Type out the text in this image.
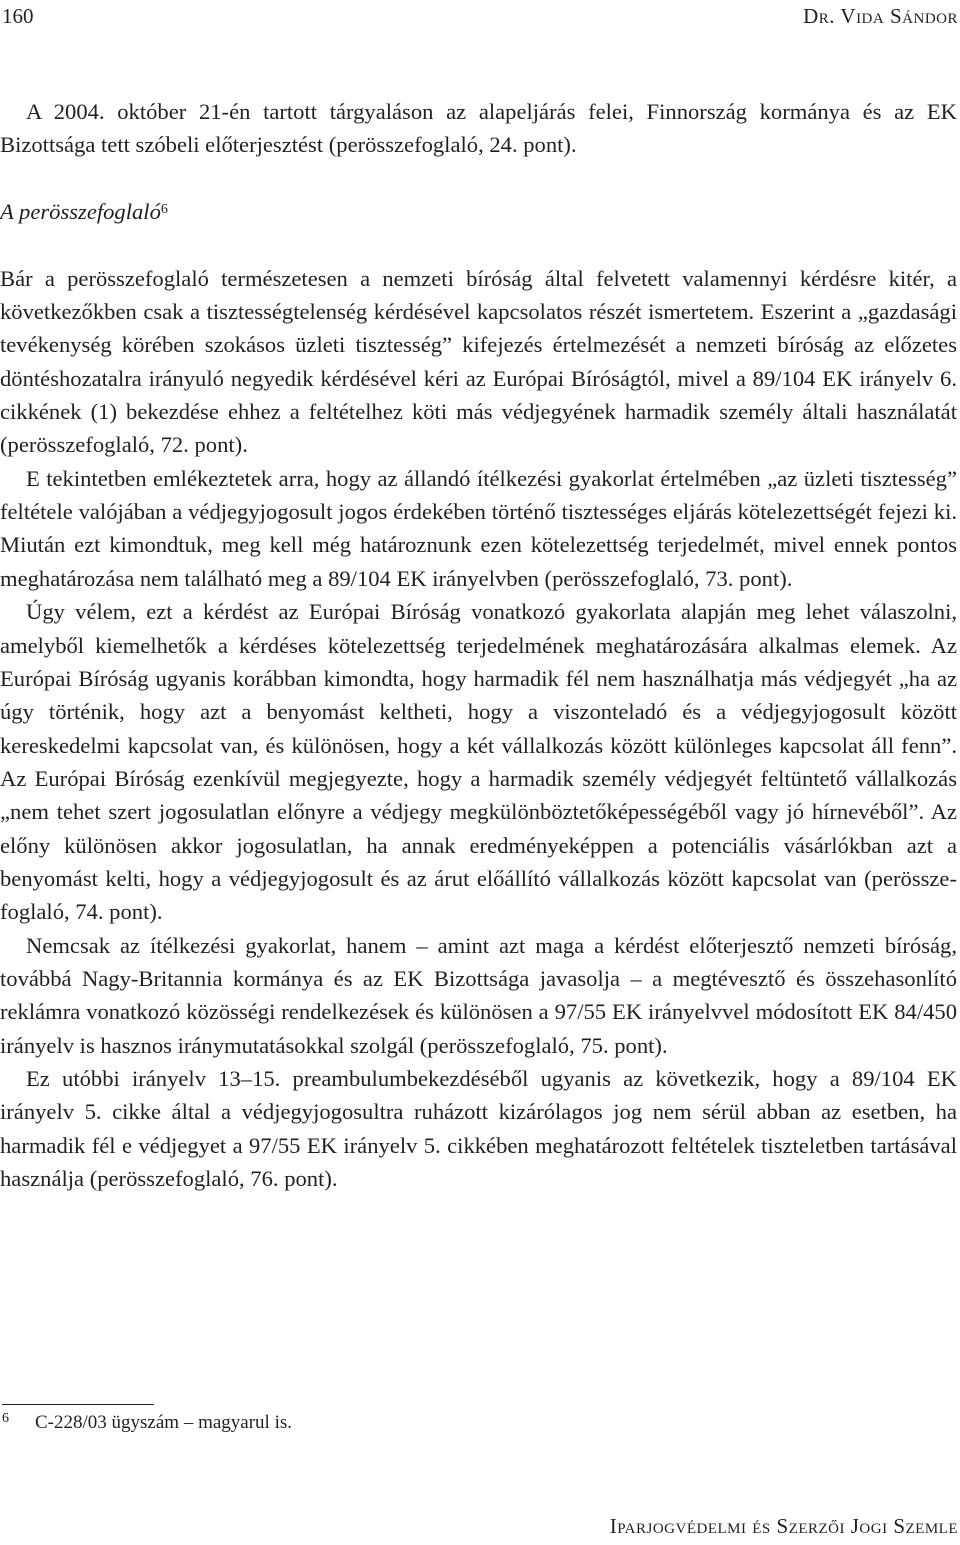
160	Dr. Vida Sándor

A 2004. október 21-én tartott tárgyaláson az alapeljárás felei, Finnország kormánya és az EK Bizottsága tett szóbeli előterjesztést (perösszefoglaló, 24. pont).

A perösszefoglaló$^6$

Bár a perösszefoglaló természetesen a nemzeti bíróság által felvetett valamennyi kérdésre kitér, a következőkben csak a tisztességtelenség kérdésével kapcsolatos részét ismertetem. Eszerint a „gazdasági tevékenység körében szokásos üzleti tisztesség” kifejezés értelmezését a nemzeti bíróság az előzetes döntéshozatalra irányuló negyedik kérdésével kéri az Európai Bíróságtól, mivel a 89/104 EK irányelv 6. cikkének (1) bekezdése ehhez a feltételhez köti más védjegyének harmadik személy általi használatát (perösszefoglaló, 72. pont).

E tekintetben emlékeztetek arra, hogy az állandó ítélkezési gyakorlat értelmében „az üzleti tisztesség” feltétele valójában a védjegyjogosult jogos érdekében történő tisztességes eljárás kötelezettségét fejezi ki. Miután ezt kimondtuk, meg kell még határoznunk ezen kötelezettség terjedelmét, mivel ennek pontos meghatározása nem található meg a 89/104 EK irányelvben (perösszefoglaló, 73. pont).

Úgy vélem, ezt a kérdést az Európai Bíróság vonatkozó gyakorlata alapján meg lehet válaszolni, amelyből kiemelhetők a kérdéses kötelezettség terjedelmének meghatározására alkalmas elemek. Az Európai Bíróság ugyanis korábban kimondta, hogy harmadik fél nem használhatja más védjegyét „ha az úgy történik, hogy azt a benyomást keltheti, hogy a viszonteladó és a védjegyjogosult között kereskedelmi kapcsolat van, és különösen, hogy a két vállalkozás között különleges kapcsolat áll fenn”. Az Európai Bíróság ezenkívül megjegyezte, hogy a harmadik személy védjegyét feltüntető vállalkozás „nem tehet szert jogosulatlan előnyre a védjegy megkülönböztetőképességéből vagy jó hírnevéből”. Az előny különösen akkor jogosulatlan, ha annak eredményeképpen a potenciális vásárlókban azt a benyomást kelti, hogy a védjegyjogosult és az árut előállító vállalkozás között kapcsolat van (perösszefoglaló, 74. pont).

Nemcsak az ítélkezési gyakorlat, hanem – amint azt maga a kérdést előterjesztő nemzeti bíróság, továbbá Nagy-Britannia kormánya és az EK Bizottsága javasolja – a megtévesztő és összehasonlító reklámra vonatkozó közösségi rendelkezések és különösen a 97/55 EK irányelvvel módosított EK 84/450 irányelv is hasznos iránymutatásokkal szolgál (perösszefoglaló, 75. pont).

Ez utóbbi irányelv 13–15. preambulumbekezdéséből ugyanis az következik, hogy a 89/104 EK irányelv 5. cikke által a védjegyjogosultra ruházott kizárólagos jog nem sérül abban az esetben, ha harmadik fél e védjegyet a 97/55 EK irányelv 5. cikkében meghatározott feltételek tiszteletben tartásával használja (perösszefoglaló, 76. pont).

6 C-228/03 ügyszám – magyarul is.
Iparjogvédelmi és Szerzői Jogi Szemle
